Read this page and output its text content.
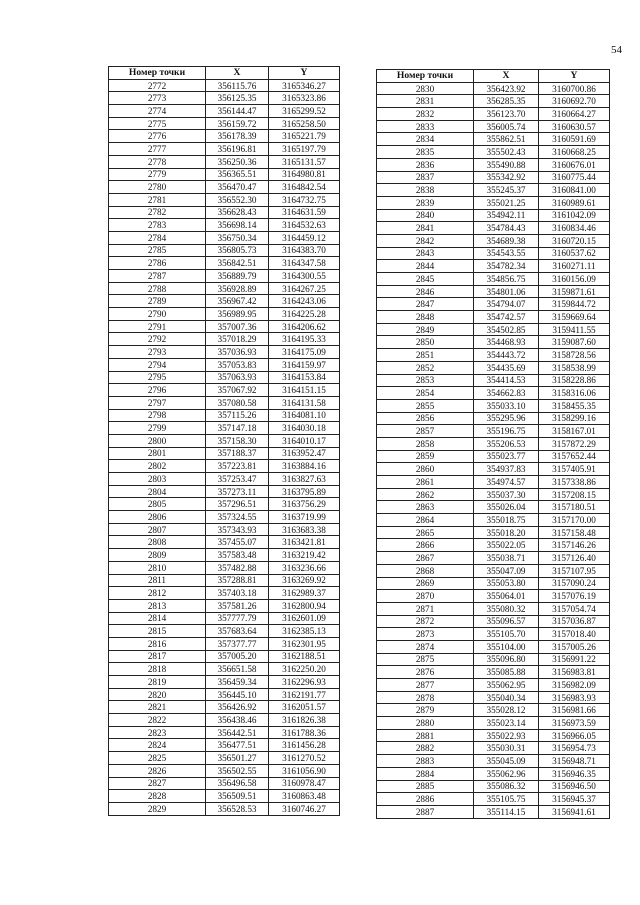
54
Номер точки	X	Y
2772	356115.76	3165346.27
2773	356125.35	3165323.86
2774	356144.47	3165299.52
2775	356159.72	3165258.50
2776	356178.39	3165221.79
2777	356196.81	3165197.79
2778	356250.36	3165131.57
2779	356365.51	3164980.81
2780	356470.47	3164842.54
2781	356552.30	3164732.75
2782	356628.43	3164631.59
2783	356698.14	3164532.63
2784	356750.34	3164459.12
2785	356805.73	3164383.70
2786	356842.51	3164347.58
2787	356889.79	3164300.55
2788	356928.89	3164267.25
2789	356967.42	3164243.06
2790	356989.95	3164225.28
2791	357007.36	3164206.62
2792	357018.29	3164195.33
2793	357036.93	3164175.09
2794	357053.83	3164159.97
2795	357063.93	3164153.84
2796	357067.92	3164151.15
2797	357080.58	3164131.58
2798	357115.26	3164081.10
2799	357147.18	3164030.18
2800	357158.30	3164010.17
2801	357188.37	3163952.47
2802	357223.81	3163884.16
2803	357253.47	3163827.63
2804	357273.11	3163795.89
2805	357296.51	3163756.29
2806	357324.55	3163719.99
2807	357343.93	3163683.38
2808	357455.07	3163421.81
2809	357583.48	3163219.42
2810	357482.88	3163236.66
2811	357288.81	3163269.92
2812	357403.18	3162989.37
2813	357581.26	3162800.94
2814	357777.79	3162601.09
2815	357683.64	3162385.13
2816	357377.77	3162301.95
2817	357005.20	3162188.51
2818	356651.58	3162250.20
2819	356459.34	3162296.93
2820	356445.10	3162191.77
2821	356426.92	3162051.57
2822	356438.46	3161826.38
2823	356442.51	3161788.36
2824	356477.51	3161456.28
2825	356501.27	3161270.52
2826	356502.55	3161056.90
2827	356496.58	3160978.47
2828	356509.51	3160863.48
2829	356528.53	3160746.27
Номер точки	X	Y
2830	356423.92	3160700.86
2831	356285.35	3160692.70
2832	356123.70	3160664.27
2833	356005.74	3160630.57
2834	355862.51	3160591.69
2835	355502.43	3160668.25
2836	355490.88	3160676.01
2837	355342.92	3160775.44
2838	355245.37	3160841.00
2839	355021.25	3160989.61
2840	354942.11	3161042.09
2841	354784.43	3160834.46
2842	354689.38	3160720.15
2843	354543.55	3160537.62
2844	354782.34	3160271.11
2845	354856.75	3160156.09
2846	354801.06	3159871.61
2847	354794.07	3159844.72
2848	354742.57	3159669.64
2849	354502.85	3159411.55
2850	354468.93	3159087.60
2851	354443.72	3158728.56
2852	354435.69	3158538.99
2853	354414.53	3158228.86
2854	354662.83	3158316.06
2855	355033.10	3158455.35
2856	355295.96	3158299.16
2857	355196.75	3158167.01
2858	355206.53	3157872.29
2859	355023.77	3157652.44
2860	354937.83	3157405.91
2861	354974.57	3157338.86
2862	355037.30	3157208.15
2863	355026.04	3157180.51
2864	355018.75	3157170.00
2865	355018.20	3157158.48
2866	355022.05	3157146.26
2867	355038.71	3157126.40
2868	355047.09	3157107.95
2869	355053.80	3157090.24
2870	355064.01	3157076.19
2871	355080.32	3157054.74
2872	355096.57	3157036.87
2873	355105.70	3157018.40
2874	355104.00	3157005.26
2875	355096.80	3156991.22
2876	355085.88	3156983.81
2877	355062.95	3156982.09
2878	355040.34	3156983.93
2879	355028.12	3156981.66
2880	355023.14	3156973.59
2881	355022.93	3156966.05
2882	355030.31	3156954.73
2883	355045.09	3156948.71
2884	355062.96	3156946.35
2885	355086.32	3156946.50
2886	355105.75	3156945.37
2887	355114.15	3156941.61
